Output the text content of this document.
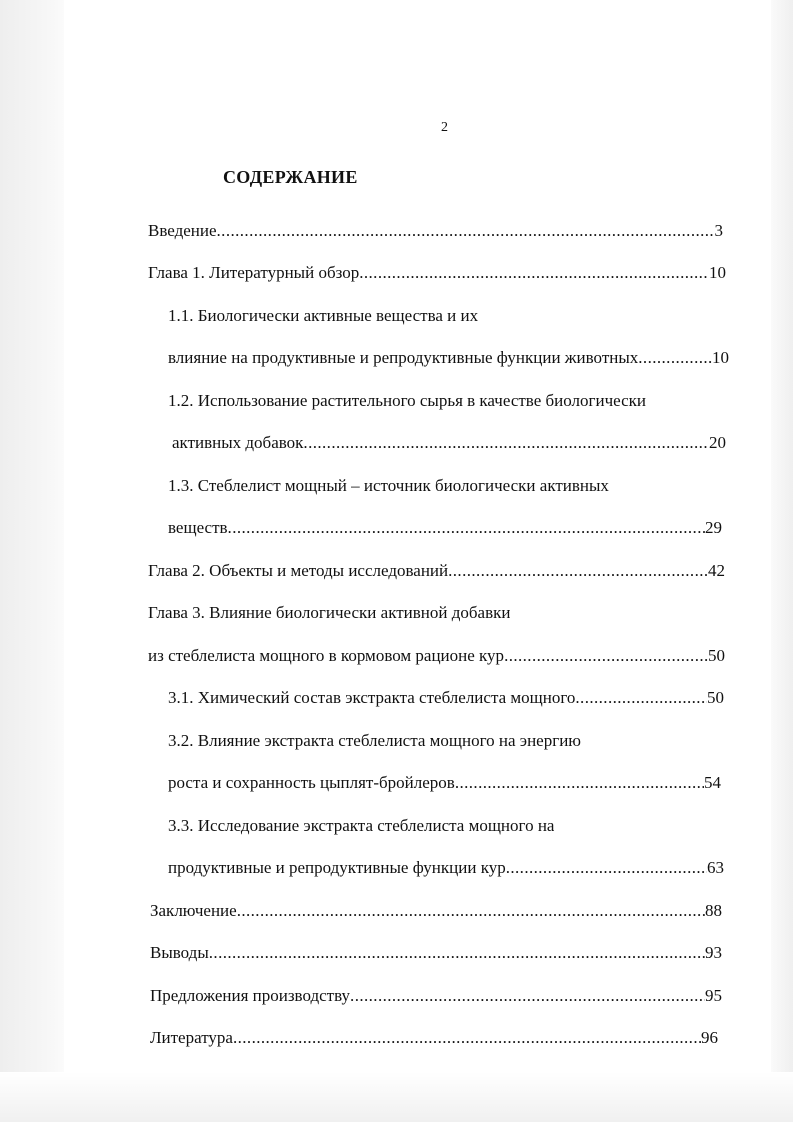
2
СОДЕРЖАНИЕ
Введение .....	3
Глава 1. Литературный обзор .....	10
1.1. Биологически активные вещества и их
влияние на продуктивные и репродуктивные функции животных .....	10
1.2. Использование растительного сырья в качестве биологически
активных добавок .....	20
1.3. Стеблелист мощный – источник биологически активных
веществ .....	29
Глава 2. Объекты и методы исследований .....	42
Глава 3. Влияние биологически активной добавки
из стеблелиста мощного в кормовом рационе кур .....	50
3.1. Химический состав экстракта стеблелиста мощного .....	50
3.2. Влияние экстракта стеблелиста мощного на энергию
роста и сохранность цыплят-бройлеров .....	54
3.3. Исследование экстракта стеблелиста мощного на
продуктивные и репродуктивные функции кур .....	63
Заключение .....	88
Выводы .....	93
Предложения производству .....	95
Литература .....	96
